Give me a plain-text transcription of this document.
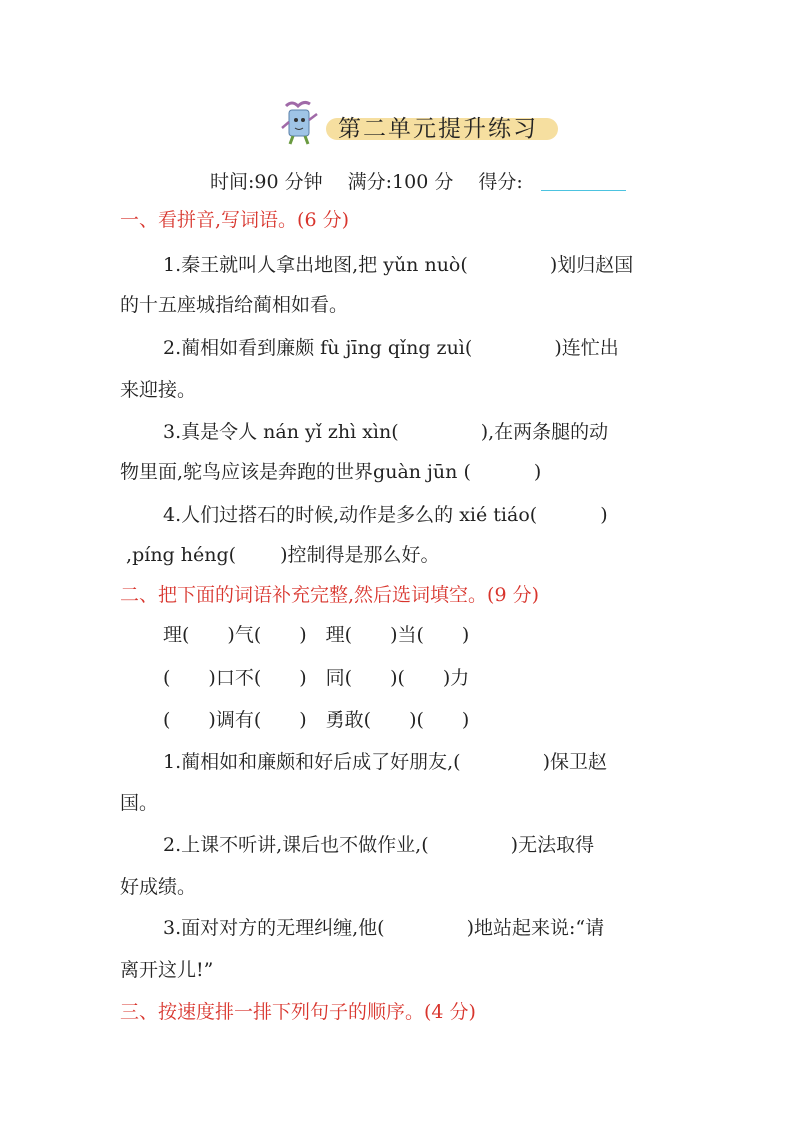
第二单元提升练习
时间:90 分钟　 满分:100 分　 得分:
一、看拼音,写词语。(6 分)
1.秦王就叫人拿出地图,把 yǔn nuò(　　　　 )划归赵国
的十五座城指给蔺相如看。
2.蔺相如看到廉颇 fù jīng qǐng zuì(　　　　 )连忙出
来迎接。
3.真是令人 nán yǐ zhì xìn(　　　　 ),在两条腿的动
物里面,鸵鸟应该是奔跑的世界guàn jūn (　　　 )
4.人们过搭石的时候,动作是多么的 xié tiáo(　　　 )
,píng héng(　　 )控制得是那么好。
二、把下面的词语补充完整,然后选词填空。(9 分)
理(　　)气(　　)　理(　　)当(　　)
(　　)口不(　　)　同(　　)(　　)力
(　　)调有(　　)　勇敢(　　)(　　)
1.蔺相如和廉颇和好后成了好朋友,(　　　　 )保卫赵
国。
2.上课不听讲,课后也不做作业,(　　　　 )无法取得
好成绩。
3.面对对方的无理纠缠,他(　　　　 )地站起来说:“请
离开这儿!”
三、按速度排一排下列句子的顺序。(4 分)
